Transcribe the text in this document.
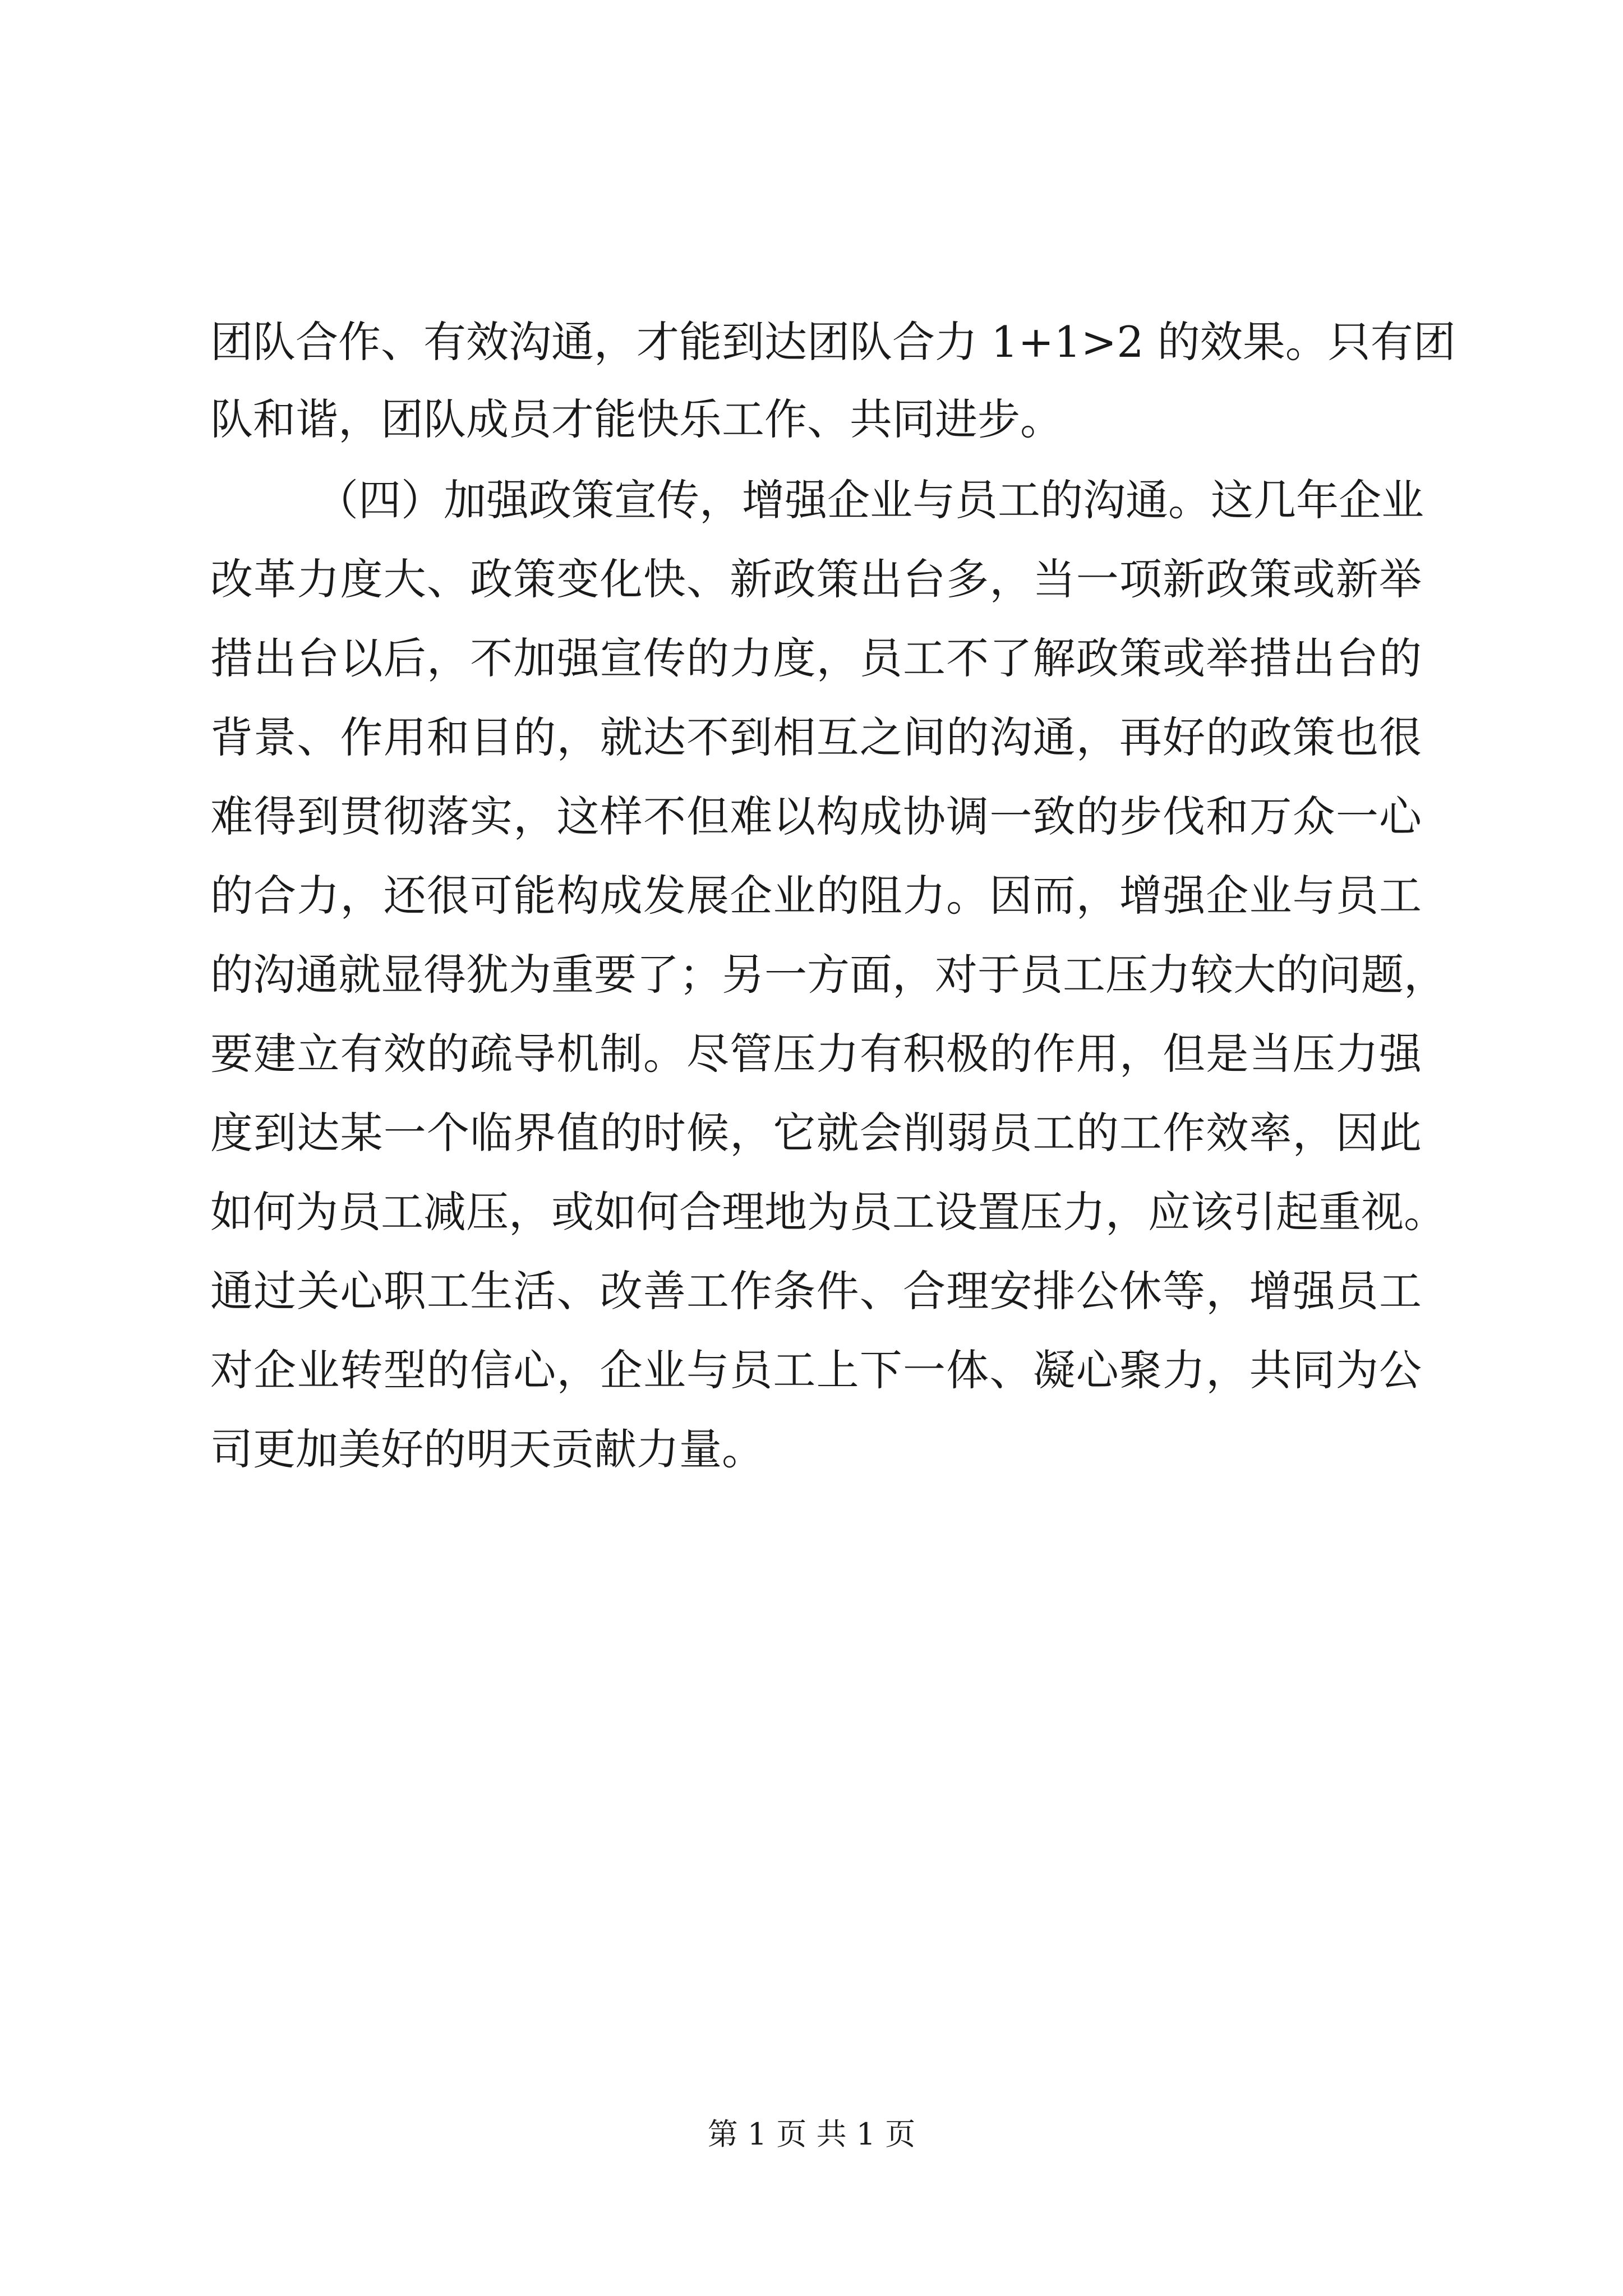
团队合作、有效沟通，才能到达团队合力 1+1>2 的效果。只有团

队和谐，团队成员才能快乐工作、共同进步。

（四）加强政策宣传，增强企业与员工的沟通。这几年企业

改革力度大、政策变化快、新政策出台多，当一项新政策或新举

措出台以后，不加强宣传的力度，员工不了解政策或举措出台的

背景、作用和目的，就达不到相互之间的沟通，再好的政策也很

难得到贯彻落实，这样不但难以构成协调一致的步伐和万众一心

的合力，还很可能构成发展企业的阻力。因而，增强企业与员工

的沟通就显得犹为重要了；另一方面，对于员工压力较大的问题，

要建立有效的疏导机制。尽管压力有积极的作用，但是当压力强

度到达某一个临界值的时候，它就会削弱员工的工作效率，因此

如何为员工减压，或如何合理地为员工设置压力，应该引起重视。

通过关心职工生活、改善工作条件、合理安排公休等，增强员工

对企业转型的信心，企业与员工上下一体、凝心聚力，共同为公

司更加美好的明天贡献力量。

第 1 页 共 1 页
